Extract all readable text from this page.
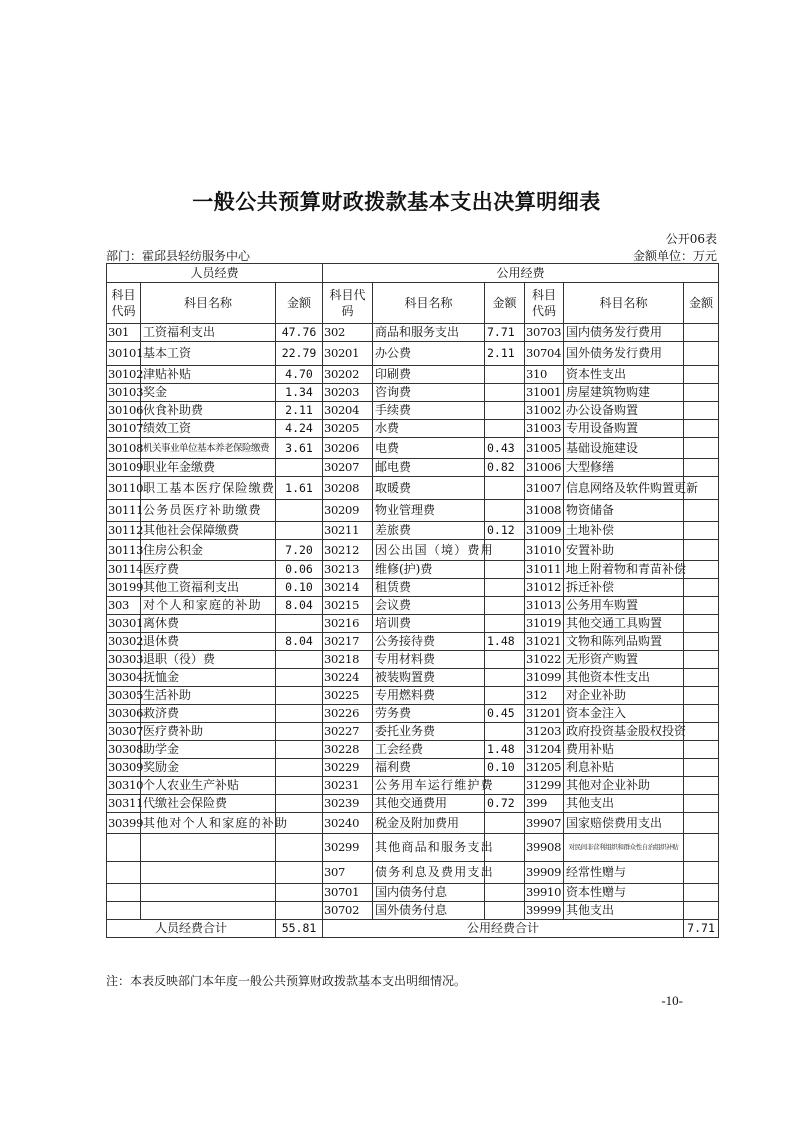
一般公共预算财政拨款基本支出决算明细表
公开06表
部门：霍邱县轻纺服务中心	金额单位：万元
人员经费			公用经费					
科目代码	科目名称	金额	科目代码	科目名称	金额	科目代码	科目名称	金额
301	工资福利支出	47.76	302	商品和服务支出	7.71	30703	国内债务发行费用	
30101	基本工资	22.79	30201	办公费	2.11	30704	国外债务发行费用	
30102	津贴补贴	4.70	30202	印刷费		310	资本性支出	
30103	奖金	1.34	30203	咨询费		31001	房屋建筑物购建	
30106	伙食补助费	2.11	30204	手续费		31002	办公设备购置	
30107	绩效工资	4.24	30205	水费		31003	专用设备购置	
30108	机关事业单位基本养老保险缴费	3.61	30206	电费	0.43	31005	基础设施建设	
30109	职业年金缴费		30207	邮电费	0.82	31006	大型修缮	
30110	职工基本医疗保险缴费	1.61	30208	取暖费		31007	信息网络及软件购置更新	
30111	公务员医疗补助缴费		30209	物业管理费		31008	物资储备	
30112	其他社会保障缴费		30211	差旅费	0.12	31009	土地补偿	
30113	住房公积金	7.20	30212	因公出国（境）费用		31010	安置补助	
30114	医疗费	0.06	30213	维修(护)费		31011	地上附着物和青苗补偿	
30199	其他工资福利支出	0.10	30214	租赁费		31012	拆迁补偿	
303	对个人和家庭的补助	8.04	30215	会议费		31013	公务用车购置	
30301	离休费		30216	培训费		31019	其他交通工具购置	
30302	退休费	8.04	30217	公务接待费	1.48	31021	文物和陈列品购置	
30303	退职（役）费		30218	专用材料费		31022	无形资产购置	
30304	抚恤金		30224	被装购置费		31099	其他资本性支出	
30305	生活补助		30225	专用燃料费		312	对企业补助	
30306	救济费		30226	劳务费	0.45	31201	资本金注入	
30307	医疗费补助		30227	委托业务费		31203	政府投资基金股权投资	
30308	助学金		30228	工会经费	1.48	31204	费用补贴	
30309	奖励金		30229	福利费	0.10	31205	利息补贴	
30310	个人农业生产补贴		30231	公务用车运行维护费		31299	其他对企业补助	
30311	代缴社会保险费		30239	其他交通费用	0.72	399	其他支出	
30399	其他对个人和家庭的补助		30240	税金及附加费用		39907	国家赔偿费用支出	
			30299	其他商品和服务支出		39908	对民间非营利组织和群众性自治组织补贴	
			307	债务利息及费用支出		39909	经常性赠与	
			30701	国内债务付息		39910	资本性赠与	
			30702	国外债务付息		39999	其他支出	
人员经费合计		55.81	公用经费合计					7.71
注：本表反映部门本年度一般公共预算财政拨款基本支出明细情况。
-10-
